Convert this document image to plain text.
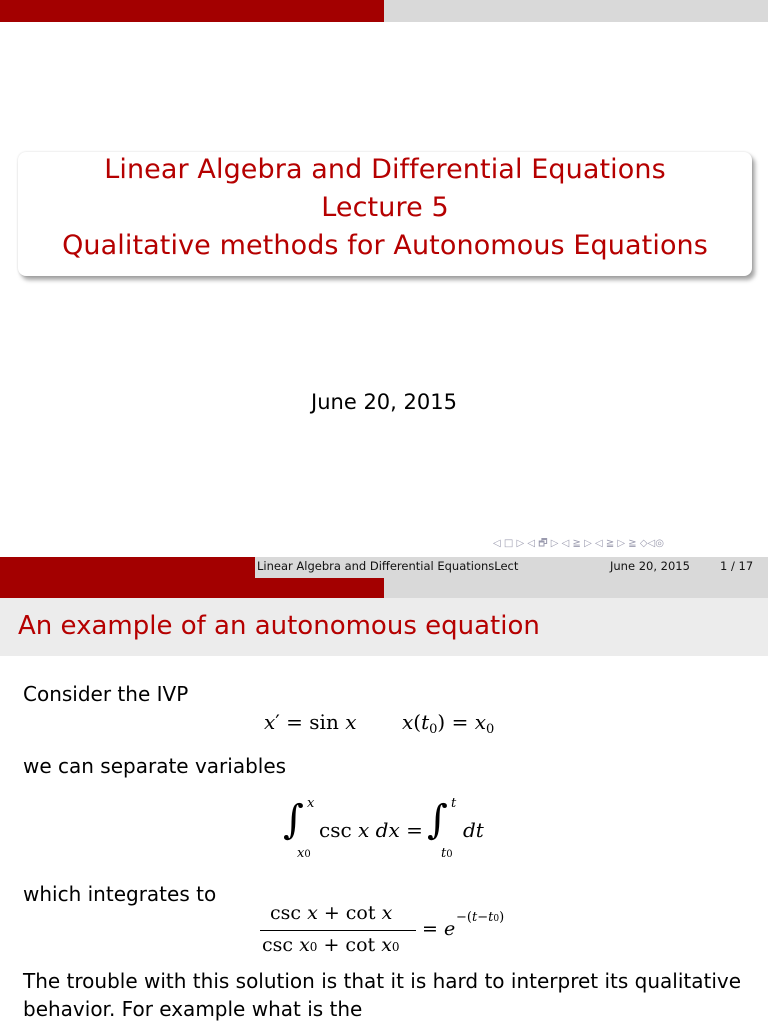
Linear Algebra and Differential Equations
Lecture 5
Qualitative methods for Autonomous Equations
June 20, 2015
◁ □ ▷ ◁ 🗗 ▷ ◁ ≧ ▷ ◁ ≧ ▷ ≧ ◇◁◎
Linear Algebra and Differential EquationsLect	June 20, 2015	1 / 17
An example of an autonomous equation
Consider the IVP
x′ = sin x $x(t_0) = x_0$
we can separate variables
∫ x
x0
csc x dx = ∫ t
t0
dt
which integrates to
csc x + cot x
csc x0 + cot x0
= e
−(t−t0)
The trouble with this solution is that it is hard to interpret its qualitative
behavior. For example what is the
